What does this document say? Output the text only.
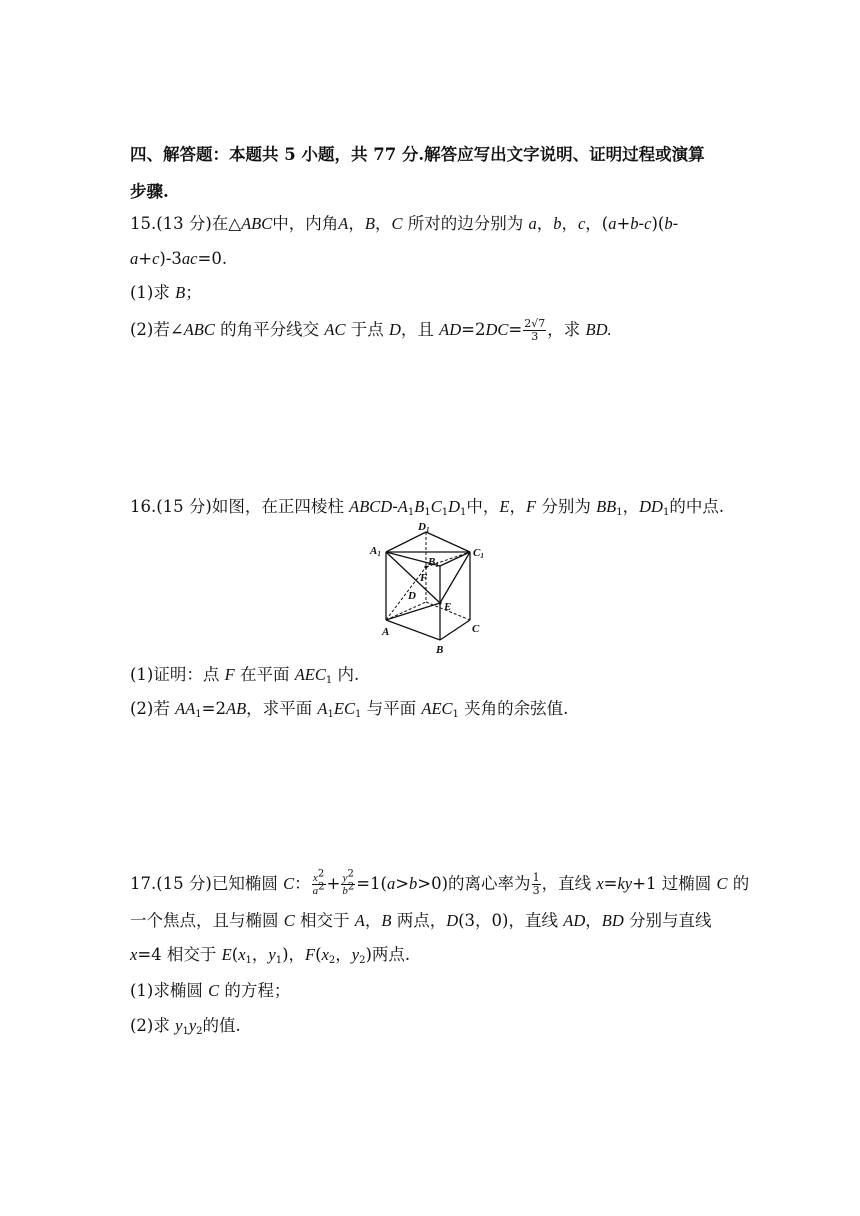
四、解答题：本题共 5 小题，共 77 分.解答应写出文字说明、证明过程或演算
步骤.
15.(13 分)在△ABC中，内角A，B，C 所对的边分别为 a，b，c，(a+b-c)(b-
a+c)-3ac=0.
(1)求 B；
(2)若∠ABC 的角平分线交 AC 于点 D，且 $AD=2DC= \frac{2√7}{3}$ ，求 BD.
16.(15 分)如图，在正四棱柱 ABCD-$A_1B_1C_1D_1$中，E，F 分别为 $BB_1$，$DD_1$的中点.
D1
A1
B1
C1
F
D
E
A	C
B
(1)证明：点 F 在平面 $AEC_1$ 内.
(2)若 $AA_1=2AB$，求平面 $A_1EC_1$ 与平面 $AEC_1$ 夹角的余弦值.
17.(15 分)已知椭圆 C： $\frac{x^2}{a^2} + \frac{y^2}{b^2} =1(a>b>0)$的离心率为 $\frac{1}{3}$ ，直线 x=ky+1 过椭圆 C 的
一个焦点，且与椭圆 C 相交于 A，B 两点，D(3，0)，直线 AD，BD 分别与直线
x=4 相交于 $E(x_1$，$y_1$)，$F(x_2$，$y_2$)两点.
(1)求椭圆 C 的方程；
(2)求 $y_1y_2$的值.
